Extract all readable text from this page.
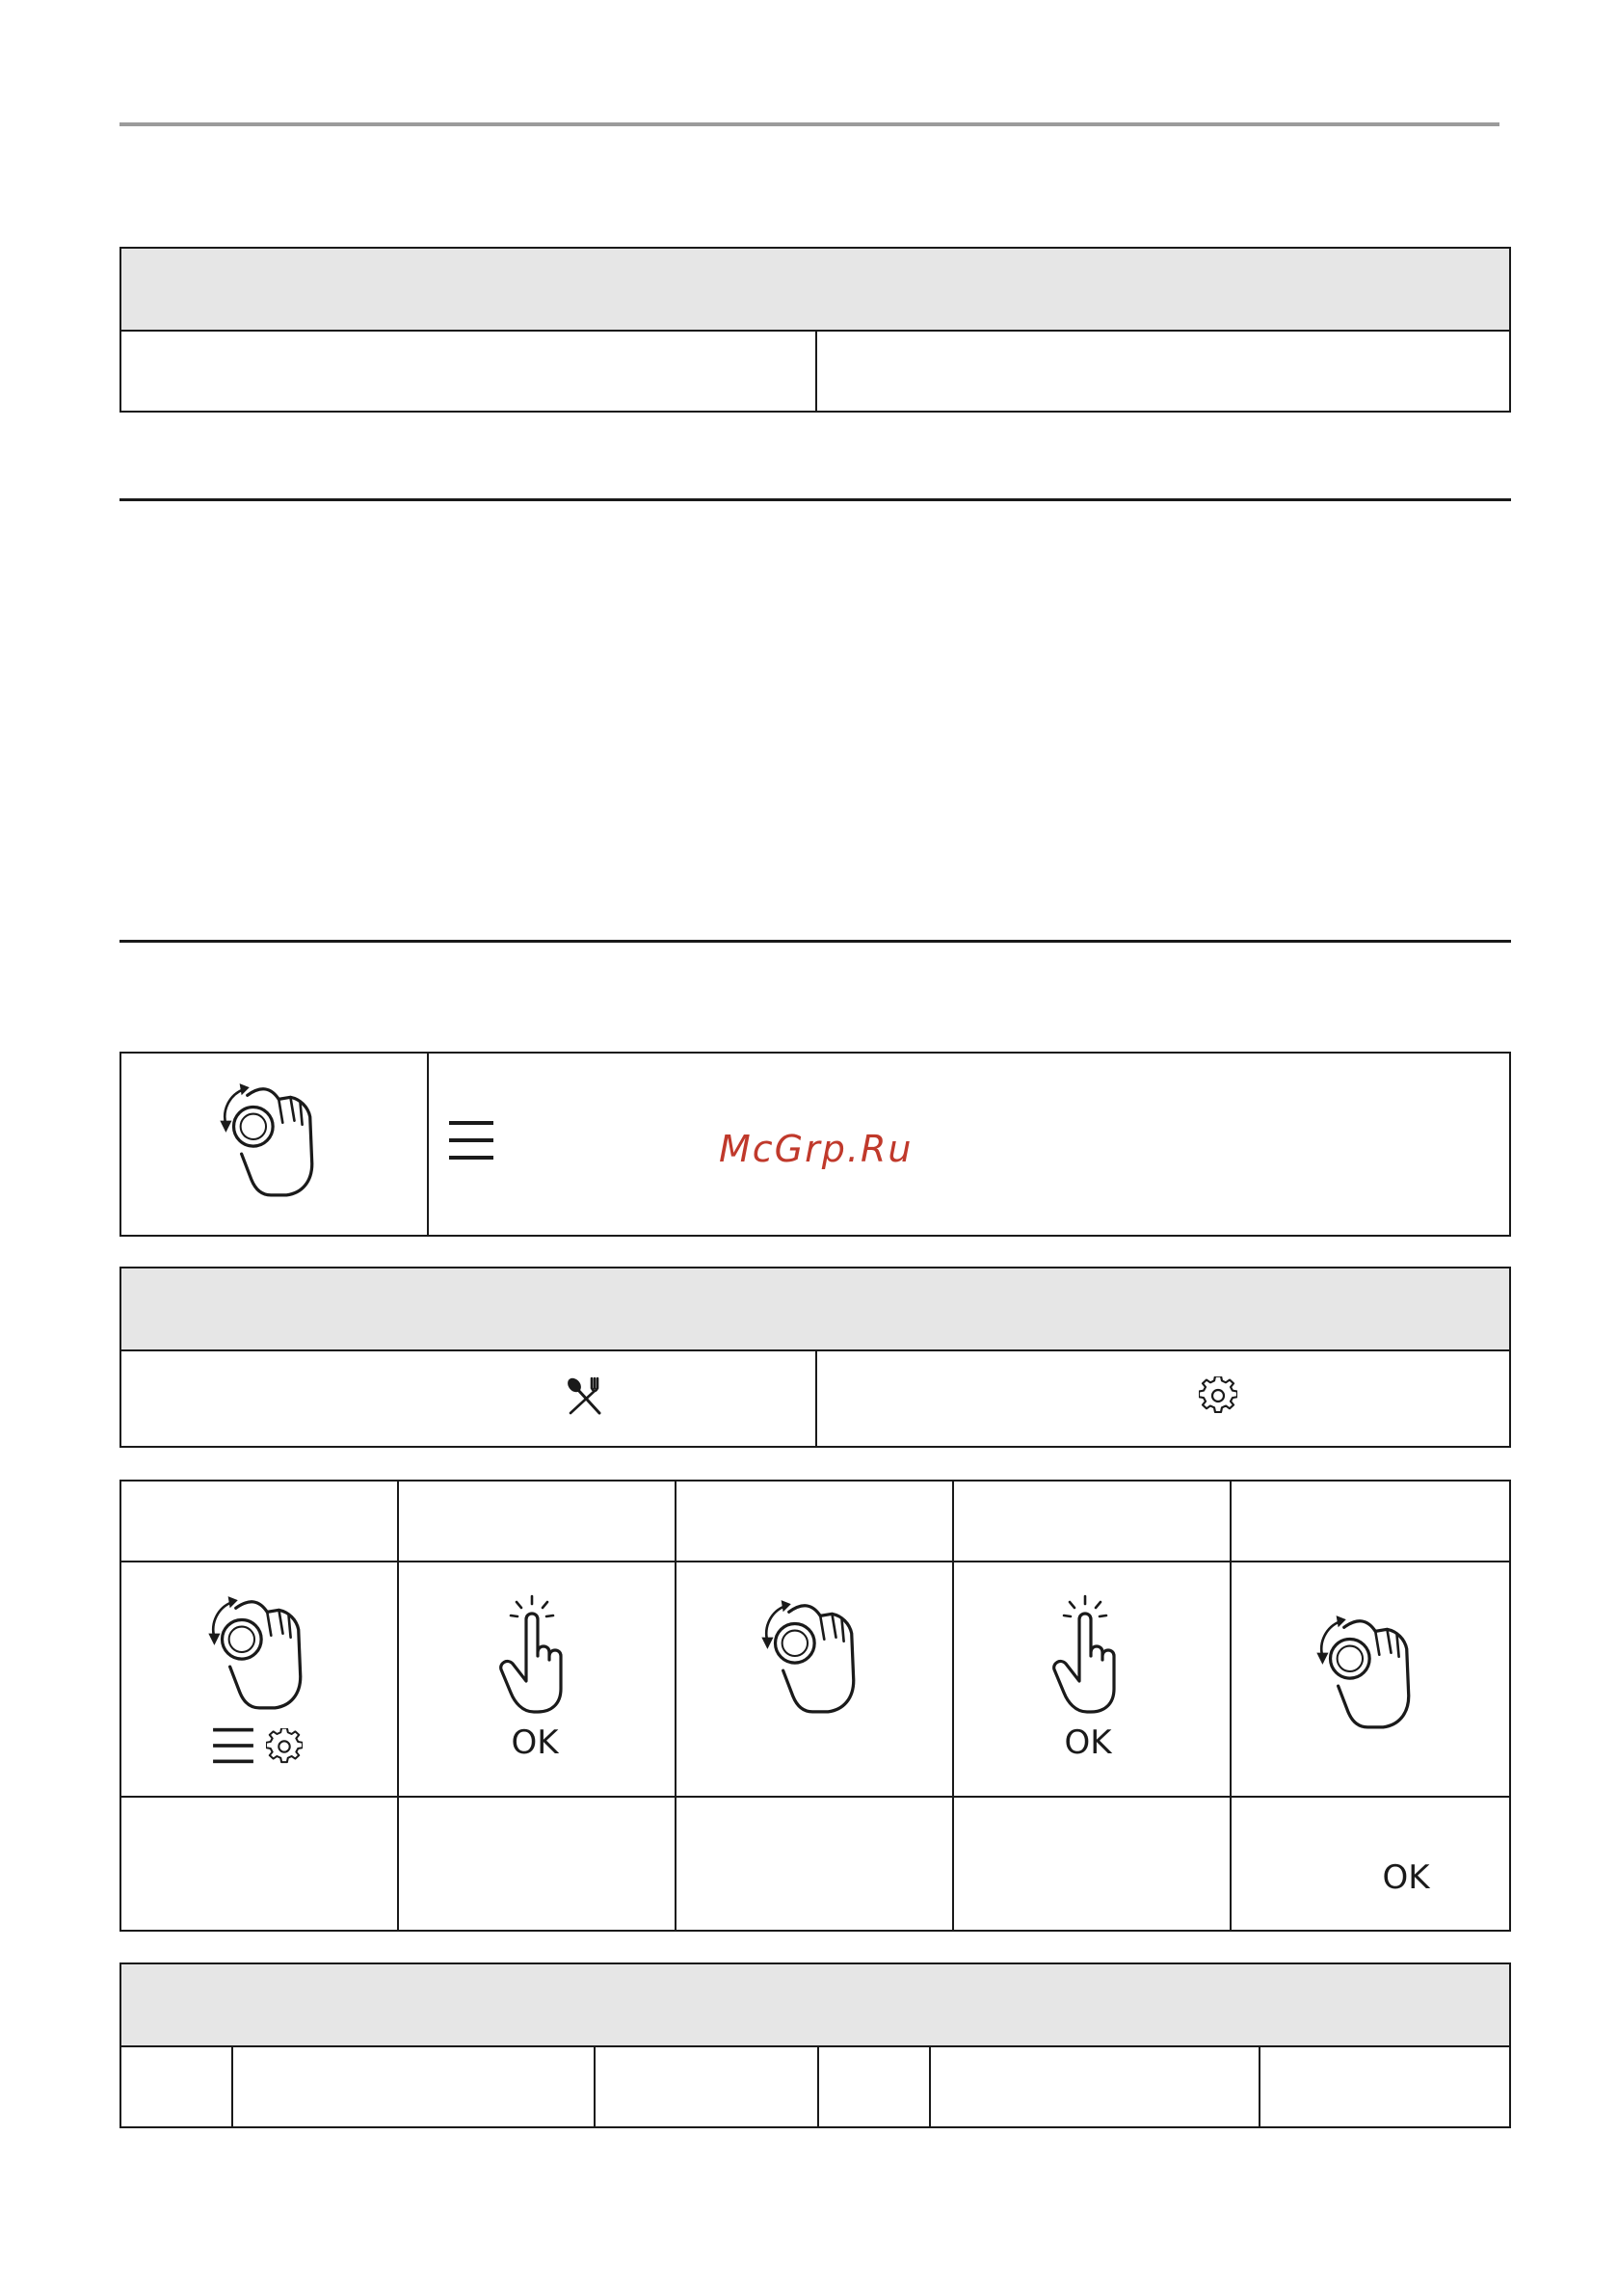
McGrp.Ru
OK	OK
OK
